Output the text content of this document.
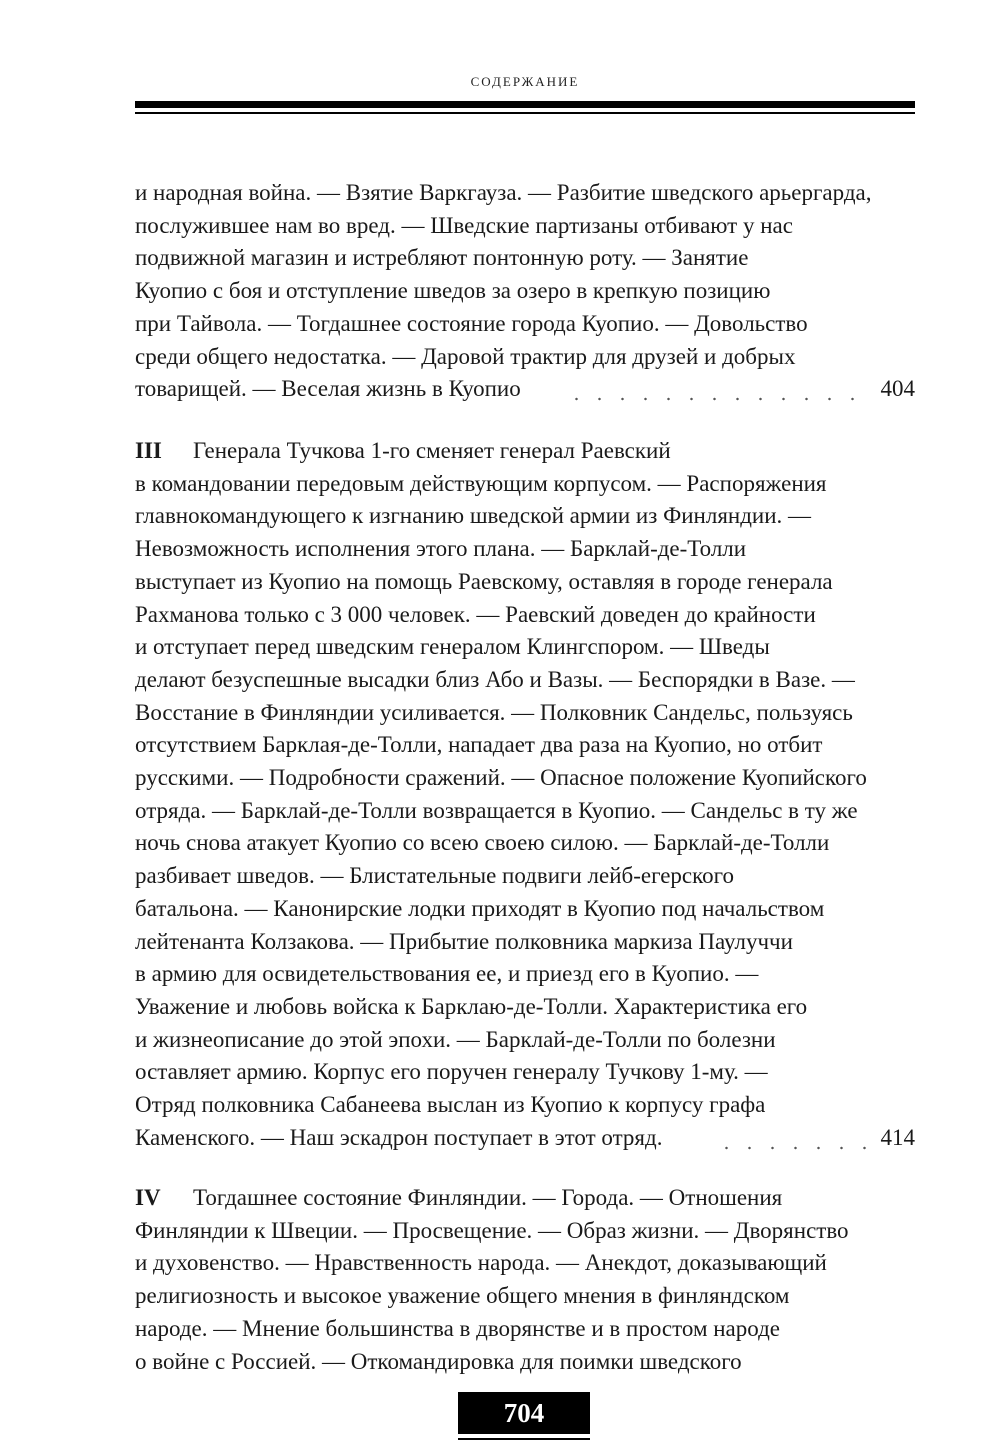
СОДЕРЖАНИЕ
и народная война. — Взятие Варкгауза. — Разбитие шведского арьергарда,
послужившее нам во вред. — Шведские партизаны отбивают у нас
подвижной магазин и истребляют понтонную роту. — Занятие
Куопио с боя и отступление шведов за озеро в крепкую позицию
при Тайвола. — Тогдашнее состояние города Куопио. — Довольство
среди общего недостатка. — Даровой трактир для друзей и добрых
товарищей. — Веселая жизнь в Куопио	404
III Генерала Тучкова 1-го сменяет генерал Раевский
в командовании передовым действующим корпусом. — Распоряжения
главнокомандующего к изгнанию шведской армии из Финляндии. —
Невозможность исполнения этого плана. — Барклай-де-Толли
выступает из Куопио на помощь Раевскому, оставляя в городе генерала
Рахманова только с 3 000 человек. — Раевский доведен до крайности
и отступает перед шведским генералом Клингспором. — Шведы
делают безуспешные высадки близ Або и Вазы. — Беспорядки в Вазе. —
Восстание в Финляндии усиливается. — Полковник Сандельс, пользуясь
отсутствием Барклая-де-Толли, нападает два раза на Куопио, но отбит
русскими. — Подробности сражений. — Опасное положение Куопийского
отряда. — Барклай-де-Толли возвращается в Куопио. — Сандельс в ту же
ночь снова атакует Куопио со всею своею силою. — Барклай-де-Толли
разбивает шведов. — Блистательные подвиги лейб-егерского
батальона. — Канонирские лодки приходят в Куопио под начальством
лейтенанта Колзакова. — Прибытие полковника маркиза Паулуччи
в армию для освидетельствования ее, и приезд его в Куопио. —
Уважение и любовь войска к Барклаю-де-Толли. Характеристика его
и жизнеописание до этой эпохи. — Барклай-де-Толли по болезни
оставляет армию. Корпус его поручен генералу Тучкову 1-му. —
Отряд полковника Сабанеева выслан из Куопио к корпусу графа
Каменского. — Наш эскадрон поступает в этот отряд.	414
IV Тогдашнее состояние Финляндии. — Города. — Отношения
Финляндии к Швеции. — Просвещение. — Образ жизни. — Дворянство
и духовенство. — Нравственность народа. — Анекдот, доказывающий
религиозность и высокое уважение общего мнения в финляндском
народе. — Мнение большинства в дворянстве и в простом народе
о войне с Россией. — Откомандировка для поимки шведского
704
